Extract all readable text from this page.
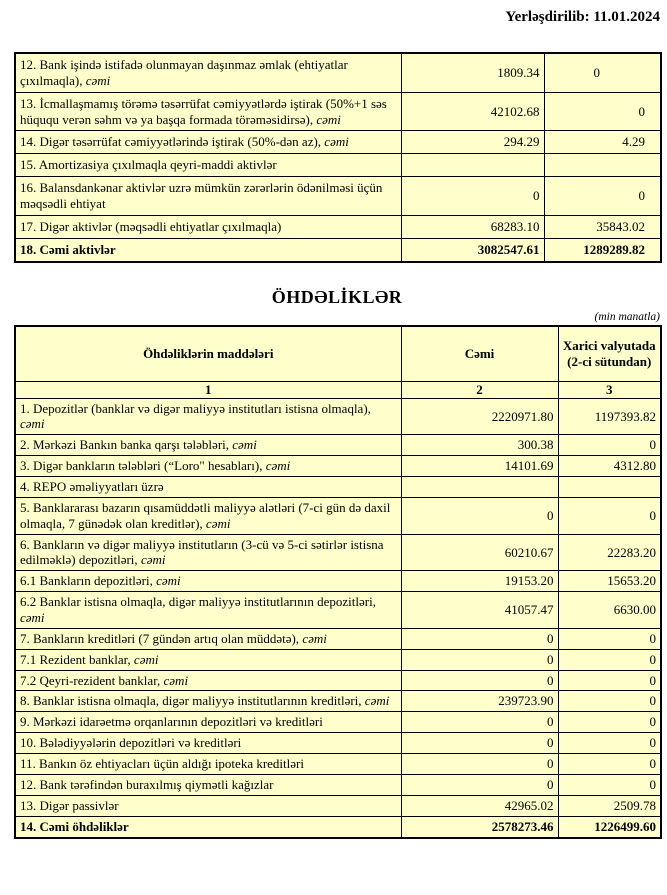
Yerləşdirilib: 11.01.2024
12. Bank işində istifadə olunmayan daşınmaz əmlak (ehtiyatlar çıxılmaqla), cəmi	1809.34	0
13. İcmallaşmamış törəmə təsərrüfat cəmiyyətlərdə iştirak (50%+1 səs hüququ verən səhm və ya başqa formada törəməsidirsə), cəmi	42102.68	0
14. Digər təsərrüfat cəmiyyətlərində iştirak (50%-dən az), cəmi	294.29	4.29
15. Amortizasiya çıxılmaqla qeyri-maddi aktivlər		
16. Balansdankənar aktivlər uzrə mümkün zərərlərin ödənilməsi üçün məqsədli ehtiyat	0	0
17. Digər aktivlər (məqsədli ehtiyatlar çıxılmaqla)	68283.10	35843.02
18. Cəmi aktivlər	3082547.61	1289289.82
ÖHDƏLİKLƏR
(min manatla)
Öhdəliklərin maddələri	Cəmi	Xarici valyutada (2-ci sütundan)
1	2	3
1. Depozitlər (banklar və digər maliyyə institutları istisna olmaqla), cəmi	2220971.80	1197393.82
2. Mərkəzi Bankın banka qarşı tələbləri, cəmi	300.38	0
3. Digər bankların tələbləri (“Loro" hesabları), cəmi	14101.69	4312.80
4. REPO əməliyyatları üzrə		
5. Banklararası bazarın qısamüddətli maliyyə alətləri (7-ci gün də daxil olmaqla, 7 günədək olan kreditlər), cəmi	0	0
6. Bankların və digər maliyyə institutların (3-cü və 5-ci sətirlər istisna edilməklə) depozitləri, cəmi	60210.67	22283.20
6.1 Bankların depozitləri, cəmi	19153.20	15653.20
6.2 Banklar istisna olmaqla, digər maliyyə institutlarının depozitləri, cəmi	41057.47	6630.00
7. Bankların kreditləri (7 gündən artıq olan müddətə), cəmi	0	0
7.1 Rezident banklar, cəmi	0	0
7.2 Qeyri-rezident banklar, cəmi	0	0
8. Banklar istisna olmaqla, digər maliyyə institutlarının kreditləri, cəmi	239723.90	0
9. Mərkəzi idarəetmə orqanlarının depozitləri və kreditləri	0	0
10. Bələdiyyələrin depozitləri və kreditləri	0	0
11. Bankın öz ehtiyacları üçün aldığı ipoteka kreditləri	0	0
12. Bank tərəfindən buraxılmış qiymətli kağızlar	0	0
13. Digər passivlər	42965.02	2509.78
14. Cəmi öhdəliklər	2578273.46	1226499.60
